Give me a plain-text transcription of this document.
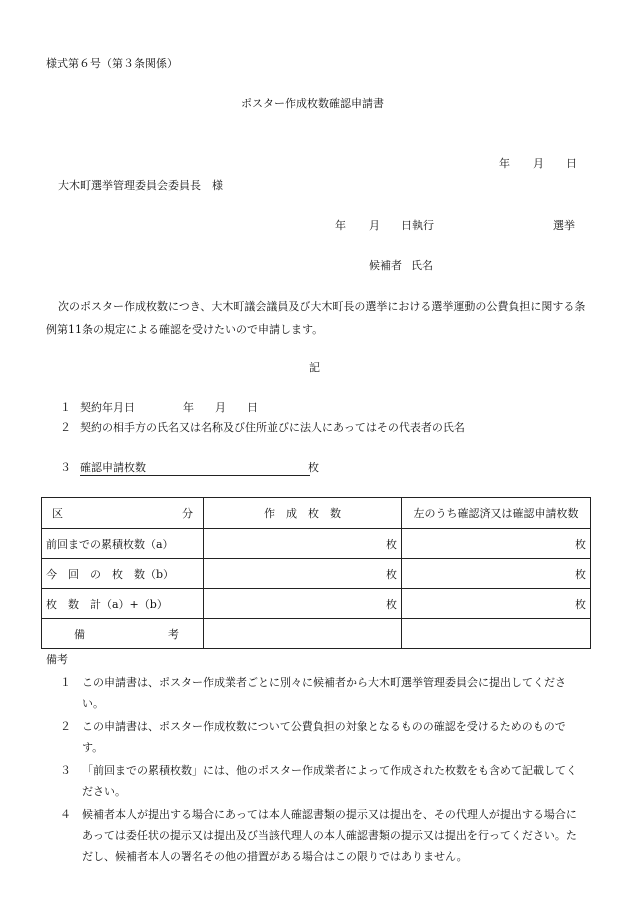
様式第６号（第３条関係）
ポスター作成枚数確認申請書
年 月 日
大木町選挙管理委員会委員長　様
年 月 日執行	選挙
候補者 氏名
次のポスター作成枚数につき、大木町議会議員及び大木町長の選挙における選挙運動の公費負担に関する条例第11条の規定による確認を受けたいので申請します。
記
１ 契約年月日	年 月 日
２ 契約の相手方の氏名又は名称及び住所並びに法人にあってはその代表者の氏名
３ 確認申請枚数	枚
区　　　　分	作　成　枚　数	左のうち確認済又は確認申請枚数
前回までの累積枚数（a）	枚	枚
今　回　の　枚　数（b）	枚	枚
枚　数　計（a）+（b）	枚	枚
備　　　　考		
備考
１	この申請書は、ポスター作成業者ごとに別々に候補者から大木町選挙管理委員会に提出してください。
２	この申請書は、ポスター作成枚数について公費負担の対象となるものの確認を受けるためのものです。
３	「前回までの累積枚数」には、他のポスター作成業者によって作成された枚数をも含めて記載してください。
４	候補者本人が提出する場合にあっては本人確認書類の提示又は提出を、その代理人が提出する場合にあっては委任状の提示又は提出及び当該代理人の本人確認書類の提示又は提出を行ってください。ただし、候補者本人の署名その他の措置がある場合はこの限りではありません。
